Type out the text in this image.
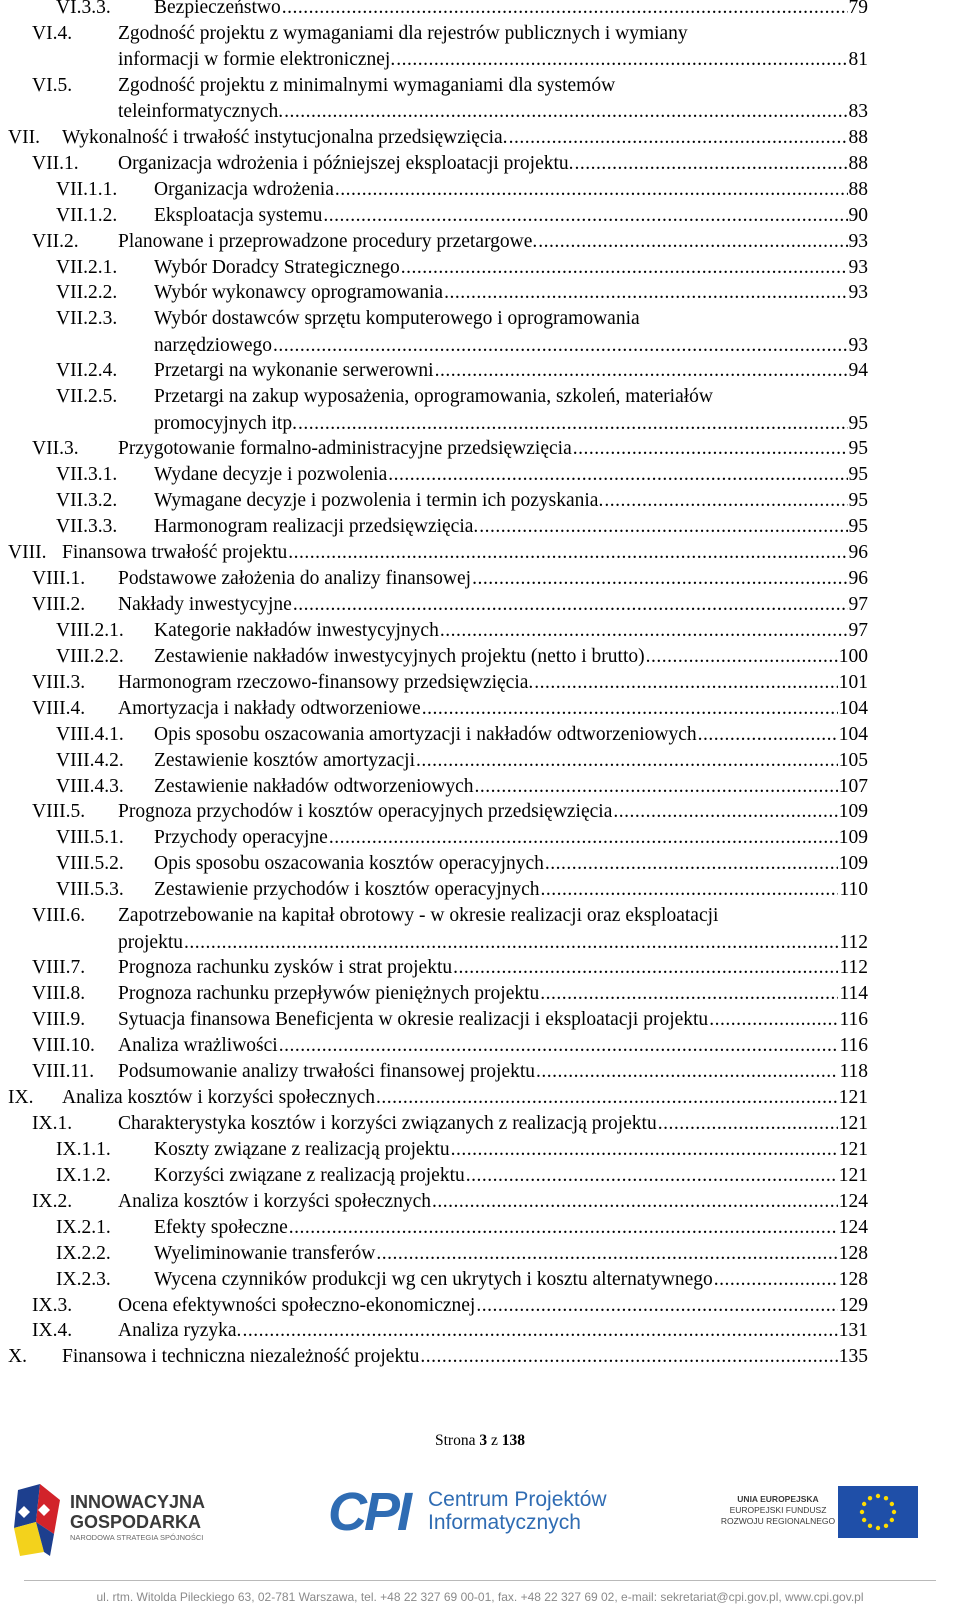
VI.3.3. Bezpieczeństwo .....	79
VI.4. Zgodność projektu z wymaganiami dla rejestrów publicznych i wymiany
informacji w formie elektronicznej. .....	81
VI.5. Zgodność projektu z minimalnymi wymaganiami dla systemów
teleinformatycznych. .....	83
VII. Wykonalność i trwałość instytucjonalna przedsięwzięcia. .....	88
VII.1. Organizacja wdrożenia i późniejszej eksploatacji projektu. .....	88
VII.1.1. Organizacja wdrożenia .....	88
VII.1.2. Eksploatacja systemu .....	90
VII.2. Planowane i przeprowadzone procedury przetargowe. .....	93
VII.2.1. Wybór Doradcy Strategicznego .....	93
VII.2.2. Wybór wykonawcy oprogramowania .....	93
VII.2.3. Wybór dostawców sprzętu komputerowego i oprogramowania
narzędziowego .....	93
VII.2.4. Przetargi na wykonanie serwerowni .....	94
VII.2.5. Przetargi na zakup wyposażenia, oprogramowania, szkoleń, materiałów
promocyjnych itp. .....	95
VII.3. Przygotowanie formalno-administracyjne przedsięwzięcia .....	95
VII.3.1. Wydane decyzje i pozwolenia .....	95
VII.3.2. Wymagane decyzje i pozwolenia i termin ich pozyskania. .....	95
VII.3.3. Harmonogram realizacji przedsięwzięcia. .....	95
VIII. Finansowa trwałość projektu .....	96
VIII.1. Podstawowe założenia do analizy finansowej .....	96
VIII.2. Nakłady inwestycyjne .....	97
VIII.2.1. Kategorie nakładów inwestycyjnych .....	97
VIII.2.2. Zestawienie nakładów inwestycyjnych projektu (netto i brutto) .....	100
VIII.3. Harmonogram rzeczowo-finansowy przedsięwzięcia. .....	101
VIII.4. Amortyzacja i nakłady odtworzeniowe .....	104
VIII.4.1. Opis sposobu oszacowania amortyzacji i nakładów odtworzeniowych .....	104
VIII.4.2. Zestawienie kosztów amortyzacji .....	105
VIII.4.3. Zestawienie nakładów odtworzeniowych .....	107
VIII.5. Prognoza przychodów i kosztów operacyjnych przedsięwzięcia .....	109
VIII.5.1. Przychody operacyjne .....	109
VIII.5.2. Opis sposobu oszacowania kosztów operacyjnych .....	109
VIII.5.3. Zestawienie przychodów i kosztów operacyjnych .....	110
VIII.6. Zapotrzebowanie na kapitał obrotowy - w okresie realizacji oraz eksploatacji
projektu .....	112
VIII.7. Prognoza rachunku zysków i strat projektu .....	112
VIII.8. Prognoza rachunku przepływów pieniężnych projektu .....	114
VIII.9. Sytuacja finansowa Beneficjenta w okresie realizacji i eksploatacji projektu .....	116
VIII.10. Analiza wrażliwości .....	116
VIII.11. Podsumowanie analizy trwałości finansowej projektu .....	118
IX. Analiza kosztów i korzyści społecznych .....	121
IX.1. Charakterystyka kosztów i korzyści związanych z realizacją projektu .....	121
IX.1.1. Koszty związane z realizacją projektu .....	121
IX.1.2. Korzyści związane z realizacją projektu .....	121
IX.2. Analiza kosztów i korzyści społecznych .....	124
IX.2.1. Efekty społeczne .....	124
IX.2.2. Wyeliminowanie transferów .....	128
IX.2.3. Wycena czynników produkcji wg cen ukrytych i kosztu alternatywnego .....	128
IX.3. Ocena efektywności społeczno-ekonomicznej .....	129
IX.4. Analiza ryzyka. .....	131
X. Finansowa i techniczna niezależność projektu .....	135
Strona 3 z 138
INNOWACYJNA
GOSPODARKA
NARODOWA STRATEGIA SPÓJNOŚCI CPI Centrum Projektów
Informatycznych
UNIA EUROPEJSKA
EUROPEJSKI FUNDUSZ
ROZWOJU REGIONALNEGO
ul. rtm. Witolda Pileckiego 63, 02-781 Warszawa, tel. +48 22 327 69 00-01, fax. +48 22 327 69 02, e-mail: sekretariat@cpi.gov.pl, www.cpi.gov.pl
